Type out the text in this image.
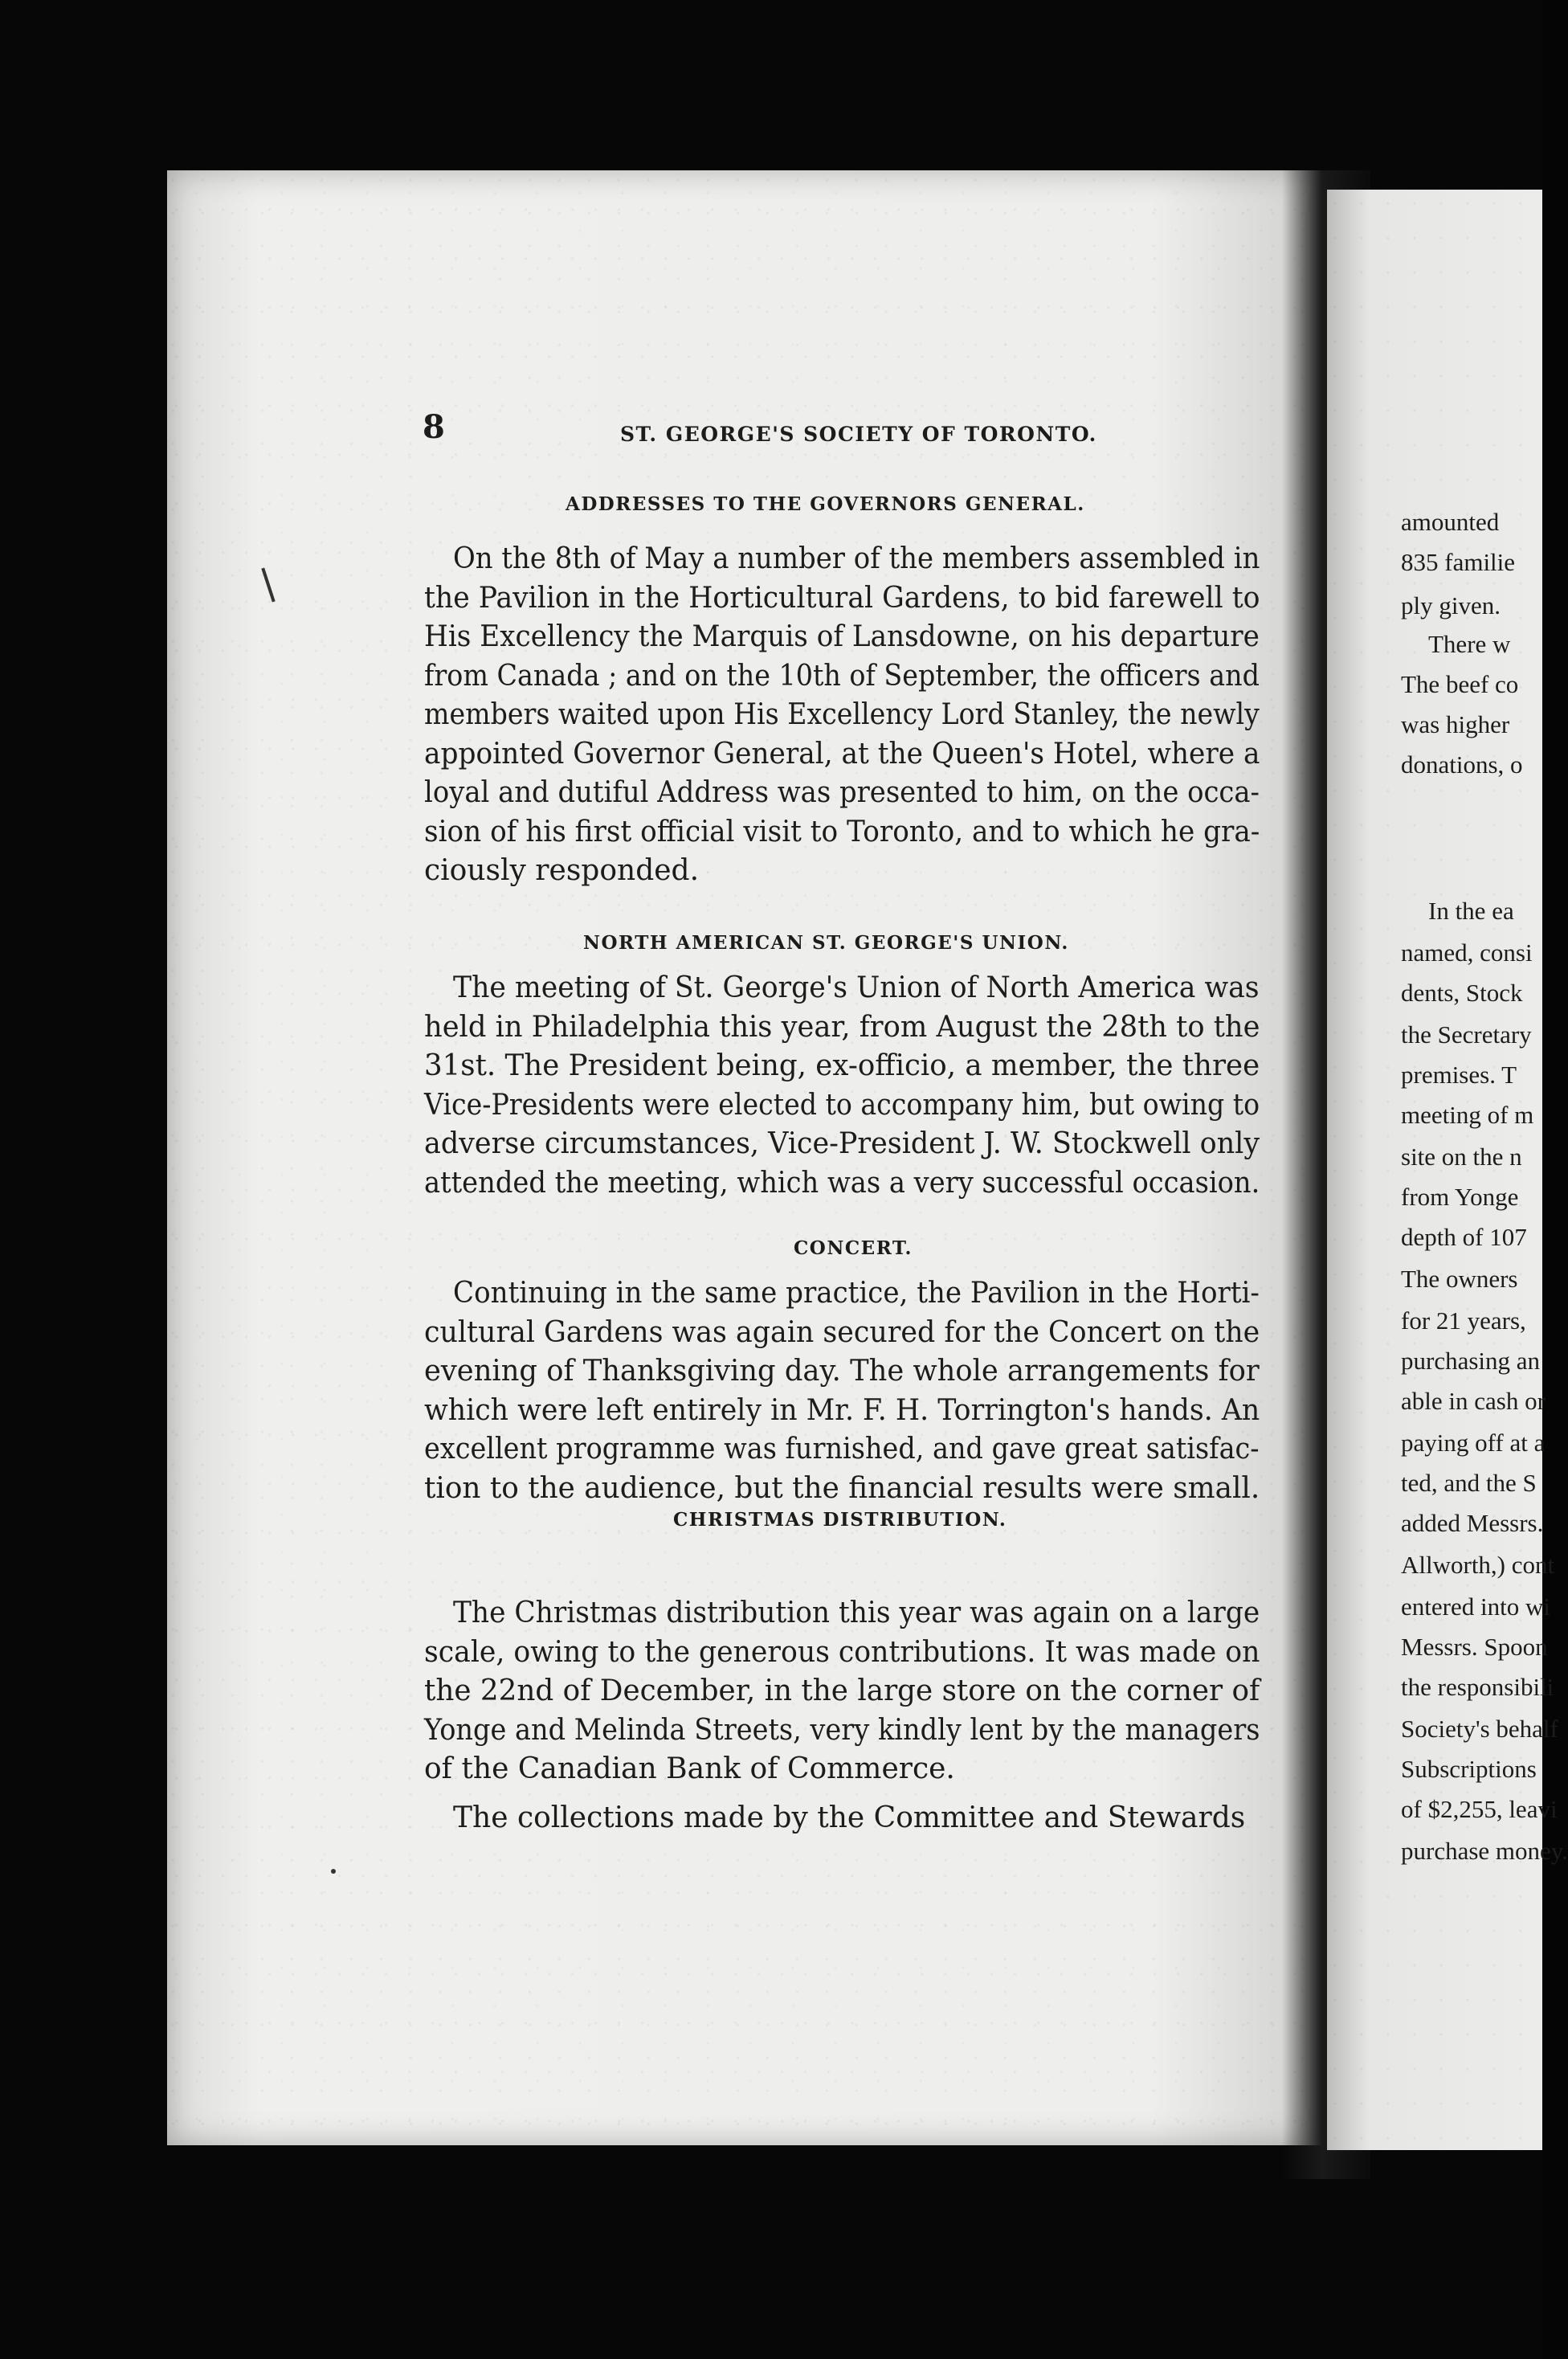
amounted
835 familie
ply given.
There w
The beef co
was higher
donations, o
In the ea
named, consi
dents, Stock
the Secretary
premises. T
meeting of m
site on the n
from Yonge
depth of 107
The owners
for 21 years,
purchasing an
able in cash or
paying off at a
ted, and the S
added Messrs.
Allworth,) cont
entered into wi
Messrs. Spoon
the responsibili
Society's behalf
Subscriptions
of $2,255, leavi
purchase money.
8	ST. GEORGE'S SOCIETY OF TORONTO.
ADDRESSES TO THE GOVERNORS GENERAL.
On the 8th of May a number of the members assembled in
the Pavilion in the Horticultural Gardens, to bid farewell to
His Excellency the Marquis of Lansdowne, on his departure
from Canada ; and on the 10th of September, the officers and
members waited upon His Excellency Lord Stanley, the newly
appointed Governor General, at the Queen's Hotel, where a
loyal and dutiful Address was presented to him, on the occa-
sion of his first official visit to Toronto, and to which he gra-
ciously responded.
NORTH AMERICAN ST. GEORGE'S UNION.
The meeting of St. George's Union of North America was
held in Philadelphia this year, from August the 28th to the
31st. The President being, ex-officio, a member, the three
Vice-Presidents were elected to accompany him, but owing to
adverse circumstances, Vice-President J. W. Stockwell only
attended the meeting, which was a very successful occasion.
CONCERT.
Continuing in the same practice, the Pavilion in the Horti-
cultural Gardens was again secured for the Concert on the
evening of Thanksgiving day. The whole arrangements for
which were left entirely in Mr. F. H. Torrington's hands. An
excellent programme was furnished, and gave great satisfac-
tion to the audience, but the financial results were small.
CHRISTMAS DISTRIBUTION.
The Christmas distribution this year was again on a large
scale, owing to the generous contributions. It was made on
the 22nd of December, in the large store on the corner of
Yonge and Melinda Streets, very kindly lent by the managers
of the Canadian Bank of Commerce.
The collections made by the Committee and Stewards
